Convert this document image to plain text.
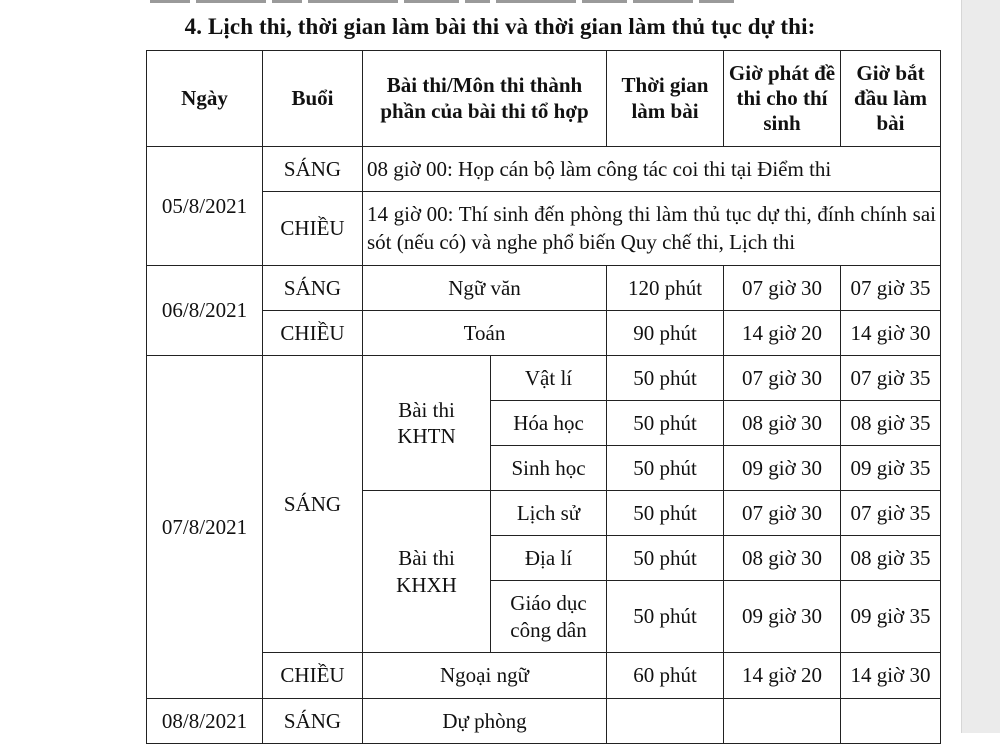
4. Lịch thi, thời gian làm bài thi và thời gian làm thủ tục dự thi:
Ngày	Buổi	Bài thi/Môn thi thành phần của bài thi tổ hợp		Thời gian làm bài	Giờ phát đề thi cho thí sinh	Giờ bắt đầu làm bài
05/8/2021	SÁNG	08 giờ 00: Họp cán bộ làm công tác coi thi tại Điểm thi				
	CHIỀU	14 giờ 00: Thí sinh đến phòng thi làm thủ tục dự thi, đính chính sai sót (nếu có) và nghe phổ biến Quy chế thi, Lịch thi				
06/8/2021	SÁNG	Ngữ văn		120 phút	07 giờ 30	07 giờ 35
	CHIỀU	Toán		90 phút	14 giờ 20	14 giờ 30
07/8/2021	SÁNG	Bài thi KHTN	Vật lí	50 phút	07 giờ 30	07 giờ 35
			Hóa học	50 phút	08 giờ 30	08 giờ 35
			Sinh học	50 phút	09 giờ 30	09 giờ 35
		Bài thi KHXH	Lịch sử	50 phút	07 giờ 30	07 giờ 35
			Địa lí	50 phút	08 giờ 30	08 giờ 35
			Giáo dục công dân	50 phút	09 giờ 30	09 giờ 35
	CHIỀU	Ngoại ngữ		60 phút	14 giờ 20	14 giờ 30
08/8/2021	SÁNG	Dự phòng				
